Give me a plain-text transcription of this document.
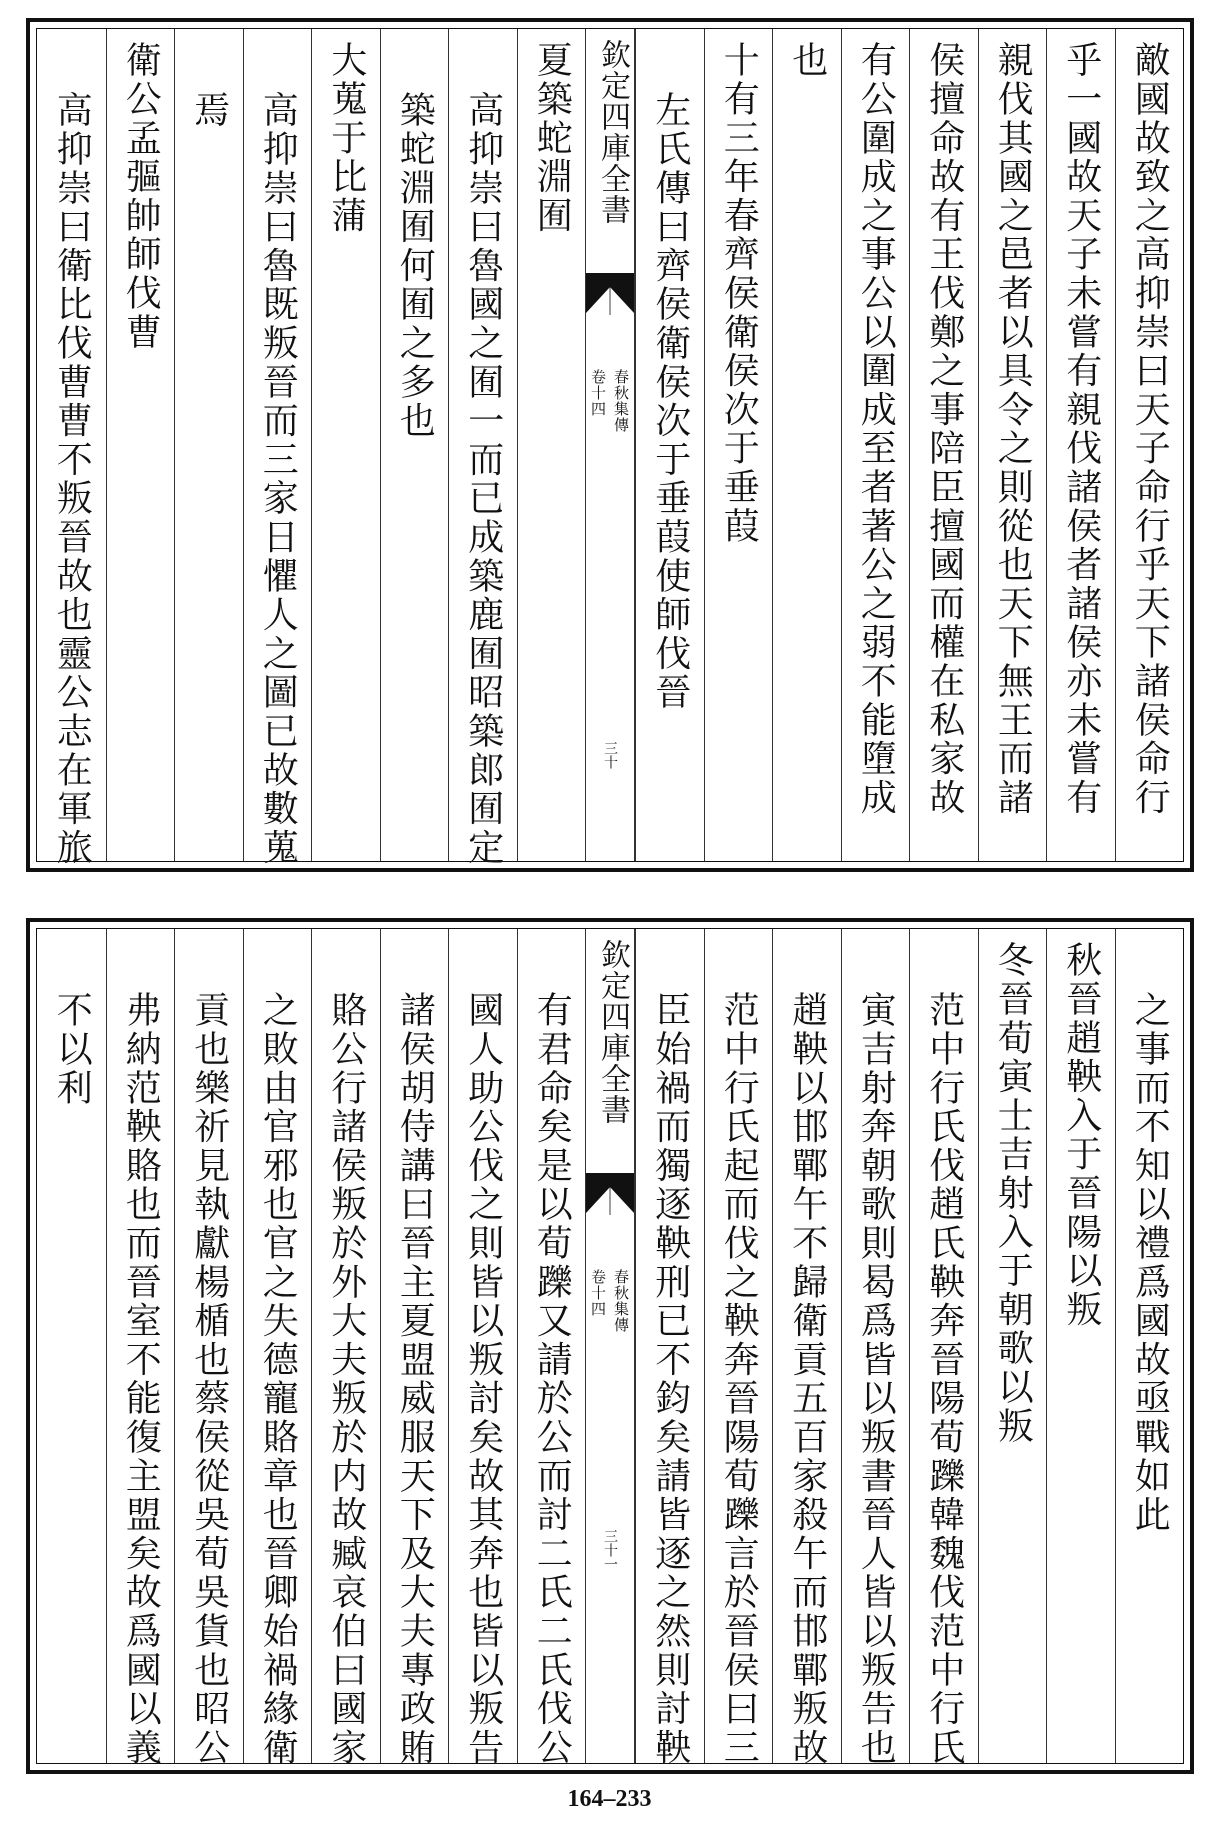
敵國故致之高抑崇曰天子命行乎天下諸侯命行
乎一國故天子未嘗有親伐諸侯者諸侯亦未嘗有
親伐其國之邑者以具令之則從也天下無王而諸
侯擅命故有王伐鄭之事陪臣擅國而權在私家故
有公圍成之事公以圍成至者著公之弱不能墮成
也
十有三年春齊侯衛侯次于垂葭
左氏傳曰齊侯衛侯次于垂葭使師伐晉
欽定四庫全書
春秋集傳
卷十四
三十
夏築蛇淵囿
高抑崇曰魯國之囿一而已成築鹿囿昭築郎囿定
築蛇淵囿何囿之多也
大蒐于比蒲
高抑崇曰魯既叛晉而三家日懼人之圖已故數蒐
焉
衛公孟彄帥師伐曹
高抑崇曰衛比伐曹曹不叛晉故也靈公志在軍旅
之事而不知以禮爲國故亟戰如此
秋晉趙鞅入于晉陽以叛
冬晉荀寅士吉射入于朝歌以叛
范中行氏伐趙氏鞅奔晉陽荀躒韓魏伐范中行氏
寅吉射奔朝歌則曷爲皆以叛書晉人皆以叛告也
趙鞅以邯鄲午不歸衛貢五百家殺午而邯鄲叛故
范中行氏起而伐之鞅奔晉陽荀躒言於晉侯曰三
臣始禍而獨逐鞅刑已不鈞矣請皆逐之然則討鞅
欽定四庫全書
春秋集傳
卷十四
三十一
有君命矣是以荀躒又請於公而討二氏二氏伐公
國人助公伐之則皆以叛討矣故其奔也皆以叛告
諸侯胡侍講曰晉主夏盟威服天下及大夫專政賄
賂公行諸侯叛於外大夫叛於内故臧哀伯曰國家
之敗由官邪也官之失德寵賂章也晉卿始禍緣衛
貢也樂祈見執獻楊楯也蔡侯從吳荀吳貨也昭公
弗納范鞅賂也而晉室不能復主盟矣故爲國以義
不以利
164–233
